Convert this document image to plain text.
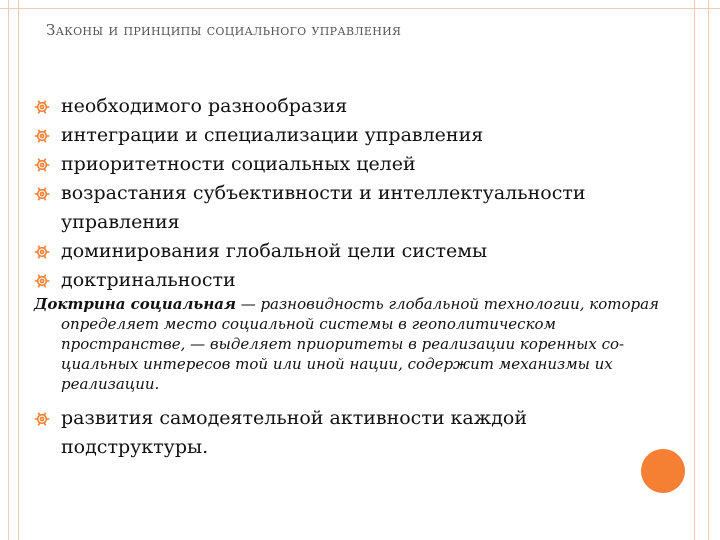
Законы и принципы социального управления
необходимого разнообразия
интеграции и специализации управления
приоритетности социальных целей
возрастания субъективности и интеллектуальности управления
доминирования глобальной цели системы
доктринальности
Доктрина социальная — разновидность глобальной технологии, которая определяет место социальной системы в геополитическом пространстве, — выделяет приоритеты в реализации коренных со-циальных интересов той или иной нации, содержит механизмы их реализации.
развития самодеятельной активности каждой подструктуры.
